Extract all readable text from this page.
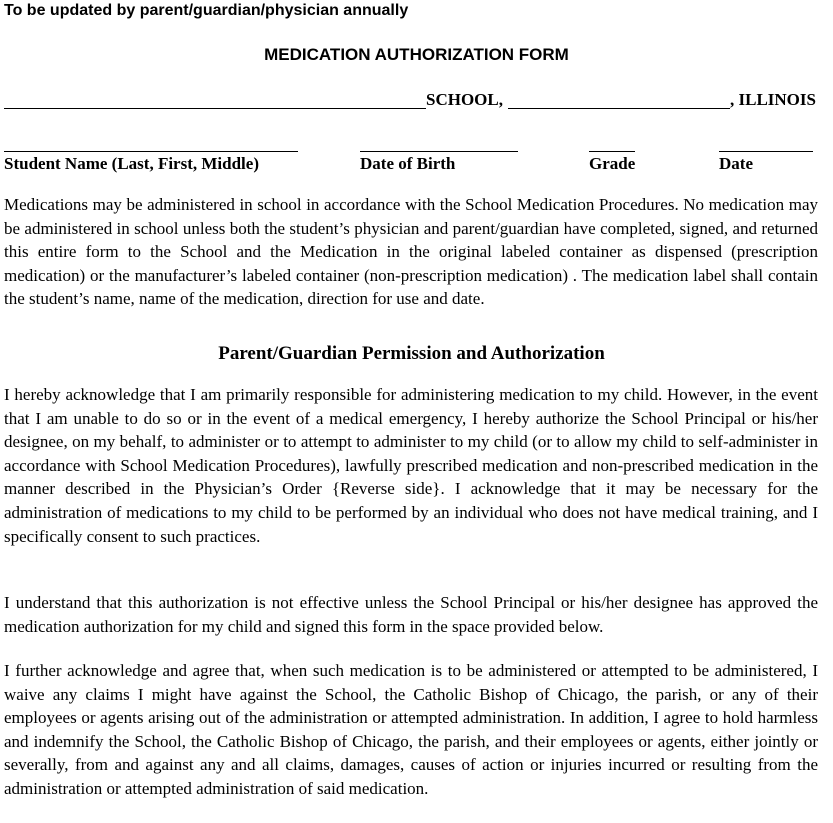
To be updated by parent/guardian/physician annually
MEDICATION AUTHORIZATION FORM
SCHOOL,	, ILLINOIS
Student Name (Last, First, Middle)	Date of Birth	Grade	Date
Medications may be administered in school in accordance with the School Medication Procedures. No medication may be administered in school unless both the student’s physician and parent/guardian have completed, signed, and returned this entire form to the School and the Medication in the original labeled container as dispensed (prescription medication) or the manufacturer’s labeled container (non-prescription medication) . The medication label shall contain the student’s name, name of the medication, direction for use and date.
Parent/Guardian Permission and Authorization
I hereby acknowledge that I am primarily responsible for administering medication to my child. However, in the event that I am unable to do so or in the event of a medical emergency, I hereby authorize the School Principal or his/her designee, on my behalf, to administer or to attempt to administer to my child (or to allow my child to self-administer in accordance with School Medication Procedures), lawfully prescribed medication and non-prescribed medication in the manner described in the Physician’s Order {Reverse side}. I acknowledge that it may be necessary for the administration of medications to my child to be performed by an individual who does not have medical training, and I specifically consent to such practices.
I understand that this authorization is not effective unless the School Principal or his/her designee has approved the medication authorization for my child and signed this form in the space provided below.
I further acknowledge and agree that, when such medication is to be administered or attempted to be administered, I waive any claims I might have against the School, the Catholic Bishop of Chicago, the parish, or any of their employees or agents arising out of the administration or attempted administration. In addition, I agree to hold harmless and indemnify the School, the Catholic Bishop of Chicago, the parish, and their employees or agents, either jointly or severally, from and against any and all claims, damages, causes of action or injuries incurred or resulting from the administration or attempted administration of said medication.
